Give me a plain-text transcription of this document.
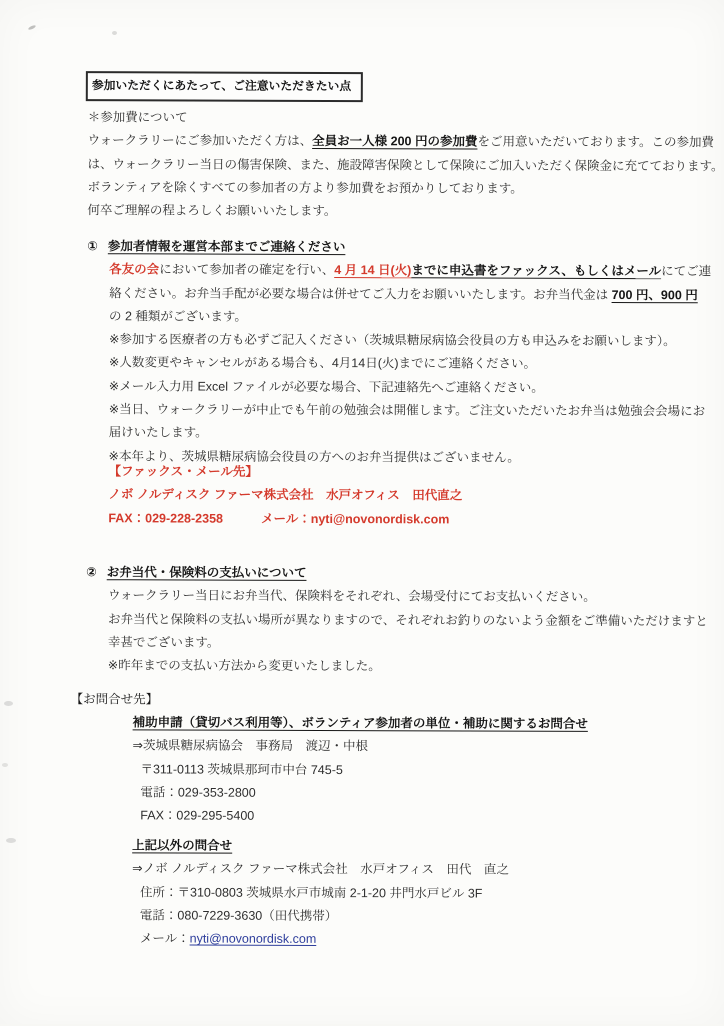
参加いただくにあたって、ご注意いただきたい点

＊参加費について

ウォークラリーにご参加いただく方は、全員お一人様 200 円の参加費をご用意いただいております。この参加費

は、ウォークラリー当日の傷害保険、また、施設障害保険として保険にご加入いただく保険金に充てております。

ボランティアを除くすべての参加者の方より参加費をお預かりしております。

何卒ご理解の程よろしくお願いいたします。

① 参加者情報を運営本部までご連絡ください

各友の会において参加者の確定を行い、4 月 14 日(火)までに申込書をファックス、もしくはメールにてご連

絡ください。お弁当手配が必要な場合は併せてご入力をお願いいたします。お弁当代金は 700 円、900 円

の 2 種類がございます。

※参加する医療者の方も必ずご記入ください（茨城県糖尿病協会役員の方も申込みをお願いします）。

※人数変更やキャンセルがある場合も、4月14日(火)までにご連絡ください。

※メール入力用 Excel ファイルが必要な場合、下記連絡先へご連絡ください。

※当日、ウォークラリーが中止でも午前の勉強会は開催します。ご注文いただいたお弁当は勉強会会場にお

届けいたします。

※本年より、茨城県糖尿病協会役員の方へのお弁当提供はございません。

【ファックス・メール先】

ノボ ノルディスク ファーマ株式会社　水戸オフィス　田代直之

FAX：029-228-2358	メール：nyti@novonordisk.com

② お弁当代・保険料の支払いについて

ウォークラリー当日にお弁当代、保険料をそれぞれ、会場受付にてお支払いください。

お弁当代と保険料の支払い場所が異なりますので、それぞれお釣りのないよう金額をご準備いただけますと

幸甚でございます。

※昨年までの支払い方法から変更いたしました。

【お問合せ先】

補助申請（貸切バス利用等）、ボランティア参加者の単位・補助に関するお問合せ

⇒茨城県糖尿病協会　事務局　渡辺・中根

〒311-0113 茨城県那珂市中台 745-5

電話：029-353-2800

FAX：029-295-5400

上記以外の問合せ

⇒ノボ ノルディスク ファーマ株式会社　水戸オフィス　田代　直之

住所：〒310-0803 茨城県水戸市城南 2-1-20 井門水戸ビル 3F

電話：080-7229-3630（田代携帯）

メール：nyti@novonordisk.com
